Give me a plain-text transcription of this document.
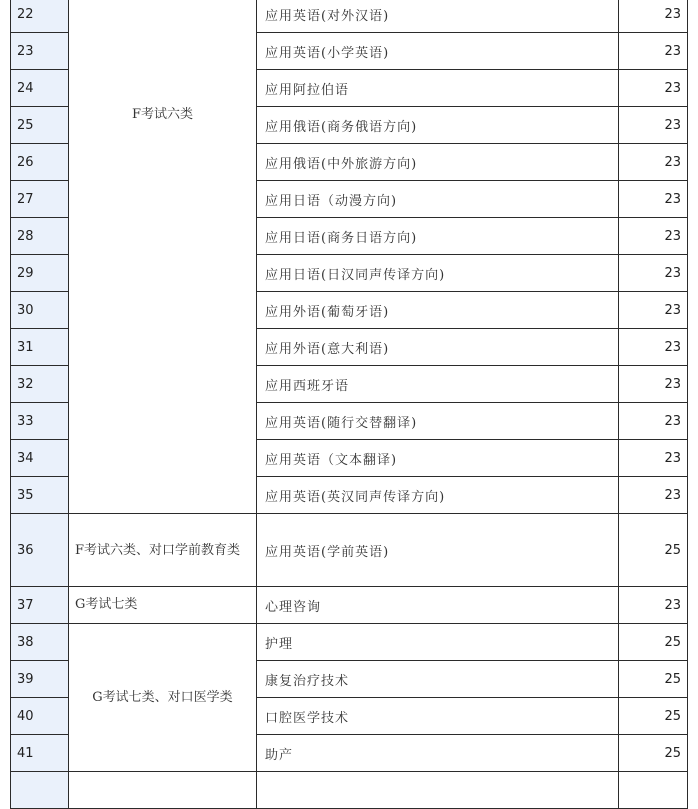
22	F考试六类	应用英语(对外汉语)	23
23		应用英语(小学英语)	23
24		应用阿拉伯语	23
25		应用俄语(商务俄语方向)	23
26		应用俄语(中外旅游方向)	23
27		应用日语（动漫方向)	23
28		应用日语(商务日语方向)	23
29		应用日语(日汉同声传译方向)	23
30		应用外语(葡萄牙语)	23
31		应用外语(意大利语)	23
32		应用西班牙语	23
33		应用英语(随行交替翻译)	23
34		应用英语（文本翻译)	23
35		应用英语(英汉同声传译方向)	23
36	F考试六类、对口学前教育类	应用英语(学前英语)	25
37	G考试七类	心理咨询	23
38	G考试七类、对口医学类	护理	25
39		康复治疗技术	25
40		口腔医学技术	25
41		助产	25
